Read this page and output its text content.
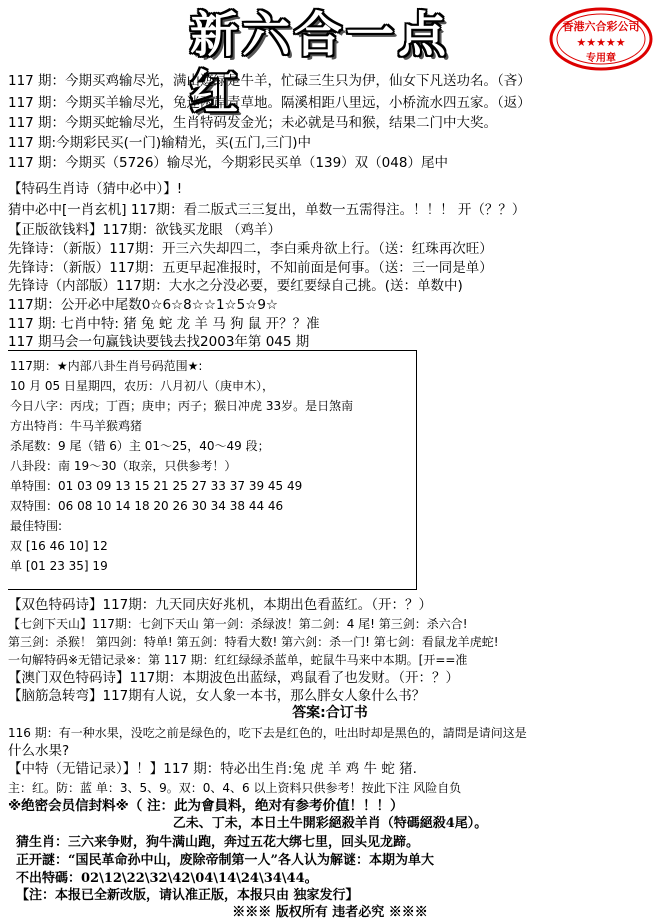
新六合一点红
香港六合彩公司
★★★★★
专用章
117 期：今期买鸡输尽光，满山遮绿是牛羊，忙碌三生只为伊，仙女下凡送功名。（吝）
117 期：今期买羊输尽光，兔迷两岸青草地。隔溪相距八里远，小桥流水四五家。（返）
117 期：今期买蛇输尽光，生肖特码发金光；未必就是马和猴，结果二门中大奖。
117 期:今期彩民买(一门)输精光，买(五门,三门)中
117 期：今期买（5726）输尽光，今期彩民买单（139）双（048）尾中
【特码生肖诗（猜中必中）】!
猜中必中[一肖玄机] 117期：看二版式三三复出，单数一五需得注。！！！ 开（？？）
【正版欲钱料】117期：欲钱买龙眼 （鸡羊）
先锋诗：（新版）117期：开三六失却四二，李白乘舟欲上行。（送：红珠再次旺）
先锋诗：（新版）117期：五更早起准报时，不知前面是何事。（送：三一同是单）
先锋诗（内部版）117期：大水之分没必要，要红要绿自己挑。(送：单数中)
117期：公开必中尾数0☆6☆8☆☆1☆5☆9☆
117 期: 七肖中特: 猪 兔 蛇 龙 羊 马 狗 鼠 开？？准
117 期马会一句赢钱诀要钱去找2003年第 045 期
117期：★内部八卦生肖号码范围★:
10 月 05 日星期四，农历：八月初八（庚申木），
今日八字：丙戌；丁酉；庚申；丙子；猴日冲虎 33岁。是日煞南
方出特肖：牛马羊猴鸡猪
杀尾数：9 尾（错 6）主 01～25，40～49 段；
八卦段：南 19～30（取亲，只供参考！）
单特围：01 03 09 13 15 21 25 27 33 37 39 45 49
双特围：06 08 10 14 18 20 26 30 34 38 44 46
最佳特围:
双 [16 46 10] 12
单 [01 23 35] 19
【双色特码诗】117期：九天同庆好兆机，本期出色看蓝红。（开：？）
【七剑下天山】117期：七剑下天山 第一剑：杀绿波！第二剑：4 尾! 第三剑：杀六合!
第三剑：杀猴！ 第四剑：特单! 第五剑：特看大数! 第六剑：杀一门! 第七剑：看鼠龙羊虎蛇!
一句解特码※无错记录※：第 117 期：红红绿绿杀蓝单，蛇鼠牛马来中本期。[开==准
【澳门双色特码诗】117期：本期波色出蓝绿，鸡鼠看了也发财。（开：？）
【脑筋急转弯】117期有人说，女人象一本书，那么胖女人象什么书？
答案:合订书
116 期：有一种水果，没吃之前是绿色的，吃下去是红色的，吐出时却是黑色的，請問是请问这是
什么水果?
【中特（无错记录）】！】117 期：特必出生肖:兔 虎 羊 鸡 牛 蛇 猪.
主：红。防：蓝 单：3、5、9。双：0、4、6 以上资料只供参考！按此下注 风险自负
※绝密会员信封料※（ 注：此为會員料，绝对有参考价值！！！）
乙未、丁未，本日土牛開彩絕殺羊肖（特碼絕殺4尾）。
猜生肖：三六来争财，狗牛满山跑，奔过五花大绑七里，回头见龙蹄。
正开謎：“国民革命孙中山，废除帝制第一人”各人认为解谜：本期为单大
不出特碼：02\12\22\32\42\04\14\24\34\44。
【注：本报已全新改版，请认准正版，本报只由 独家发行】
※※※ 版权所有 违者必究 ※※※
